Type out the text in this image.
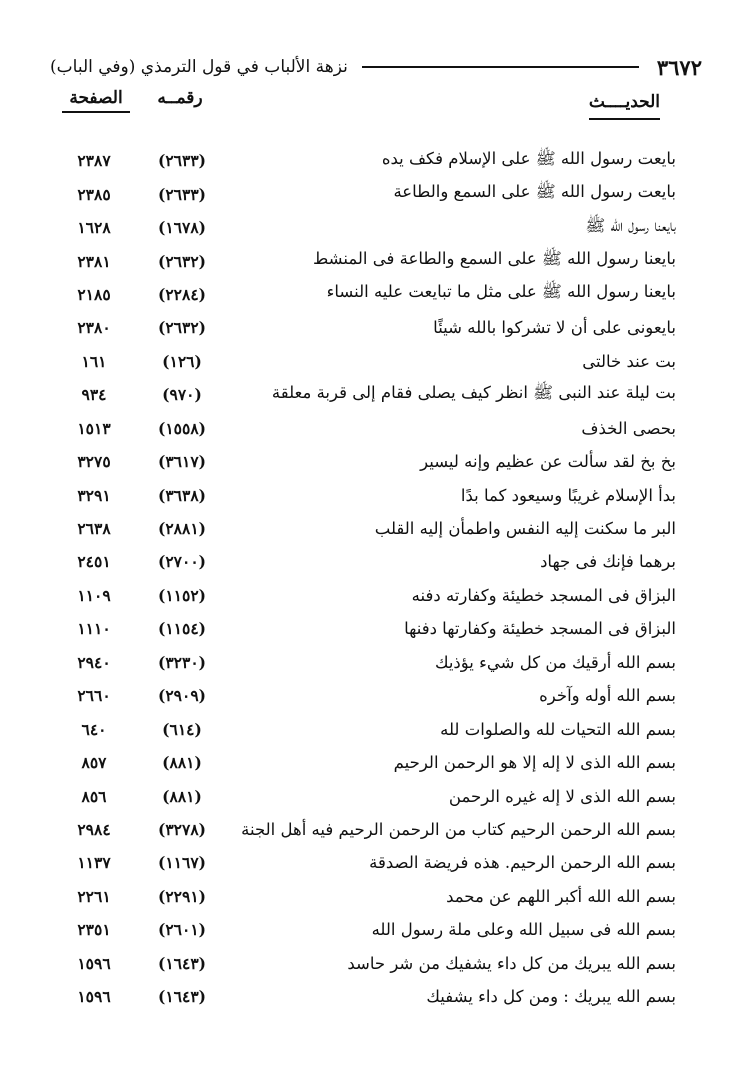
٣٦٧٢
نزهة الألباب في قول الترمذي (وفي الباب)
الحديــــث
رقمــه
الصفحة
بايعت رسول الله ﷺ على الإسلام فكف يده
(٢٦٣٣)
٢٣٨٧
بايعت رسول الله ﷺ على السمع والطاعة
(٢٦٣٣)
٢٣٨٥
بايعنا رسول الله ﷺ
(١٦٧٨)
١٦٢٨
بايعنا رسول الله ﷺ على السمع والطاعة فى المنشط
(٢٦٣٢)
٢٣٨١
بايعنا رسول الله ﷺ على مثل ما تبايعت عليه النساء
(٢٢٨٤)
٢١٨٥
بايعونى على أن لا تشركوا بالله شيئًا
(٢٦٣٢)
٢٣٨٠
بت عند خالتى
(١٢٦)
١٦١
بت ليلة عند النبى ﷺ انظر كيف يصلى فقام إلى قربة معلقة
(٩٧٠)
٩٣٤
بحصى الخذف
(١٥٥٨)
١٥١٣
بخ بخ لقد سألت عن عظيم وإنه ليسير
(٣٦١٧)
٣٢٧٥
بدأ الإسلام غريبًا وسيعود كما بدًا
(٣٦٣٨)
٣٢٩١
البر ما سكنت إليه النفس واطمأن إليه القلب
(٢٨٨١)
٢٦٣٨
برهما فإنك فى جهاد
(٢٧٠٠)
٢٤٥١
البزاق فى المسجد خطيئة وكفارته دفنه
(١١٥٢)
١١٠٩
البزاق فى المسجد خطيئة وكفارتها دفنها
(١١٥٤)
١١١٠
بسم الله أرقيك من كل شيء يؤذيك
(٣٢٣٠)
٢٩٤٠
بسم الله أوله وآخره
(٢٩٠٩)
٢٦٦٠
بسم الله التحيات لله والصلوات لله
(٦١٤)
٦٤٠
بسم الله الذى لا إله إلا هو الرحمن الرحيم
(٨٨١)
٨٥٧
بسم الله الذى لا إله غيره الرحمن
(٨٨١)
٨٥٦
بسم الله الرحمن الرحيم كتاب من الرحمن الرحيم فيه أهل الجنة
(٣٢٧٨)
٢٩٨٤
بسم الله الرحمن الرحيم. هذه فريضة الصدقة
(١١٦٧)
١١٣٧
بسم الله الله أكبر اللهم عن محمد
(٢٢٩١)
٢٢٦١
بسم الله فى سبيل الله وعلى ملة رسول الله
(٢٦٠١)
٢٣٥١
بسم الله يبريك من كل داء يشفيك من شر حاسد
(١٦٤٣)
١٥٩٦
بسم الله يبريك : ومن كل داء يشفيك
(١٦٤٣)
١٥٩٦
